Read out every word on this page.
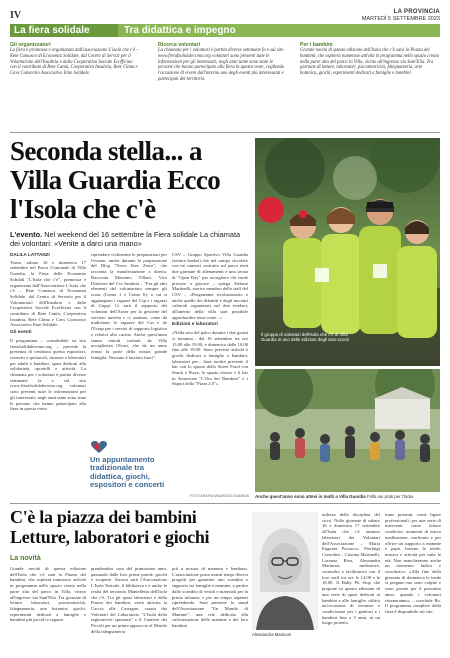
IV	LA PROVINCIA
MARTEDÌ 5 SETTEMBRE 2023
La fiera solidale	Tra didattica e impegno
Gli organizzatori

La fiera è promossa e organizzata dall'associazione L'isola che c'è – Rete Comasco di Economia Solidale, dal Centro di Servizi per il Volontariato dell'Insubria e dalla Cooperativa Sociale Ecofficina con il contributo di Rete Cantù, Cooperativa Insubria, Rete Clima e Cavs Consorzio Associativo Ente Solidale.

Ricerca volontari

La chiamata per i volontari è partita diverse settimane fa e sul sito www.fierafsolidalecomo.org volontari sono presenti tutte le informazioni per gli interessati; negli anni tante sono state le persone che hanno partecipato alla fiera in questa veste, cogliendo l'occasione di vivere dall'interno uno degli eventi più interessanti e partecipati del territorio.

Per i bambini

Grande novità di questa edizione dell'Isola che c'è sarà la Piazza dei bambini, che ospiterà numerose attività in programma nello spazio creato nella parte alta del parco in Villa, vicino all'ingresso via Sant'Elia. Tra giornate di letture, laboratori, psicomotricità, falegnameria, arte botanica, giochi, esperimenti dedicati a famiglie e bambini

Seconda stella... a Villa Guardia Ecco l'Isola che c'è
L'evento. Nel weekend del 16 settembre la Fiera solidale La chiamata dei volontari: «Venite a darci una mano»
DALILA LATTANZI

Torna, sabato 16 e domenica 17 settembre nel Parco Comunale di Villa Guardia, la Fiera delle Economie Solidali "L'Isola che c'è", promossa e organizzata dall'Associazione L'isola che c'è – Rete Comasca di Economia Solidale, dal Centro di Servizio per il Volontariato dell'Insubria e dalla Cooperativa Sociale Ecofficina con il contributo di Rete Cantù, Cooperativa Insubria, Rete Clima e Cavs Consorzio Associativo Ente Solidale.

Gli eventi

Il programma – consultabile su sito fierafsolidalecomo.org – prevede la presenza di centinaia questa espositori, concerti e spettacoli, incontri e laboratori per adulti e bambini, spazi dedicati alla solidarietà, sportelli e attività. La chiamata per i volontari è partita diverse settimane fa e sul sito www.fierafsolidalecomo.org volontari sono presenti tutte le informazioni per gli interessati; negli anni tante sono state le persone che hanno partecipato alla fiera in questa veste.

riprendere civilmente le preparazioni per l'evento, anche durante la preparazione del Blog "News Ken Zerro", che racconta la manifestazione a diretta. Racconta Massimo Villani, Vice Direttore del Csv Insubria – "Fra gli altri elementi del volontariato sempre gli scout (Como 1 e Como 6), a cui si aggiungono i ragazzi del Csp e i ragazzi di Guppi. Ci sarà il supporto dei volontari dell'Auser per la gestione del servizio navetta e ci saranno, come da tradizione, le ragazze del Cas e de l'Esasp per i servizi di supporto logistico e relativi alla cucina. Anche quest'anno siamo entrati contatti da Villa accoglienza Olcasi, che da un anno ormai fa parte della nostra grande famiglia. Nessuno è lasciato fuori".

CSV – Gruppo Sportivo Villa Guardia (settore basket) che nel campo circolare con tre canestri costruito sul parco terrà due giornate di allenamenti e una serata di "Open Day" per accogliere chi vuole provare a giocare – spiega Stefano Martinelli, storico membro dello staff del CSV – «Programma rivoluzionario e anche quello dei dibattiti e degli incontri culturali organizzati nel due tendoni, all'interno della villa sarà possibile approfondire temi come...»

Edizioni e laboratori

«Nella sera del palco durante i due giorni si terranno... dal 16 settembre tra ore 15.00 alle 19.00, e domenica dalle 10.00 fino alle 19.00. Sono previste attività e giochi dedicati a famiglie e bambini, laboratori per... Sarà inoltre presente il bar con lo spazio dello Street Food con Snack e Pizza, lo spazio ristoro e il bar in Arancione "L'Ora dei Bambini" e i Sapori della "Pizza 2.0"».

Un appuntamento tradizionale tra didattica, giochi, espositori e concerti
Il gruppo di volontari dell'Isola che c'è di Villa Guardia in uno delle edizioni degli anni scorsi
Anche quest'anno sono attesi in molti a Villa Guardia Folla sui prati per l'Isola
FOTOGRAFIA MAURIZIO GUARDIA
C'è la piazza dei bambini Letture, laboratori e giochi
La novità

Grande novità di questa edizione dell'Isola che c'è sarà la Piazza dei bambini, che ospiterà numerose attività in programma nello spazio creato nella parte alta del parco in Villa, vicino all'ingresso via Sant'Elia. Tra giornate di letture, laboratori, psicomotricità, falegnameria, arte botanica, giochi, esperimenti dedicati a famiglie e bambini più piccoli e ragazzi

prendendosi cura del primissimo anni, passando dalle loro prime parole, giochi e scoperte. Ancora sarà l'Associazione L'Isola Teatrale, il biblioteca e e anche le realtà del territorio Mantelletta dell'Isola che c'è. Tra gli spazi laboratori e della Piazza dei bambini, verrà attivata la Caccia alle Castagne, curata dai Volontari del Laboratorio "L'Isola della ragionevole speranza" e il Cantiere dei Piccoli per un primo approccio al Mondo della falegnameria

più a misura di mamma e bambino. L'associazione porta avanti tempi diversi progetti per garantire uno scambio e supporto tra famiglie e mamme, a partire dallo scambio di vestiti e materiali per la prima infanzia, e per un tempo sapienti riprendendo. Sarà presente lo stand dell'Associazione "Un Mondo di Mamme", una rete dedicata alla valorizzazione delle mamme e dei loro bambini

Alessandra Marinoni

utilizzo della disciplina del circo. Nelle giornate di sabato 16 e domenica 17 settembre all'Isola che c'è saranno laboratori dei Volontari dell'Associazione – Maria Eugenia Paciucco, Pierluigi Consolini – Cristina Martinelli, Lorenza Riva, Alessandra Marinoni, mediatrice, counselor e facilitatrice con il loro staff tra ore le 14.00 e le 18.00. Il Baby Pit Stop che propone in questa edizione di una serie di spazi dedicati ai bambini e alle famiglie, offrirà un'occasione di incontro e condivisione per i genitori e i bambini fino a 3 anni, in un luogo protetto.

trano presenti, come figure professionali, per una serie di interventi come letture condivise, momenti di micro meditazione, confronto e per offrire un supporto a mamme e papà. Intorno le tende, musica e attività per tutte le età. Non mancheranno anche un momento ludico e conclusivo. «Alla fine della giornata di domenica le tende si piegano ma sono colpite e sono pronte per il prossimo anno, quando i volontari ritorneranno» – conclude Bo. Il programma completo della fiera è disponibile sul sito.
